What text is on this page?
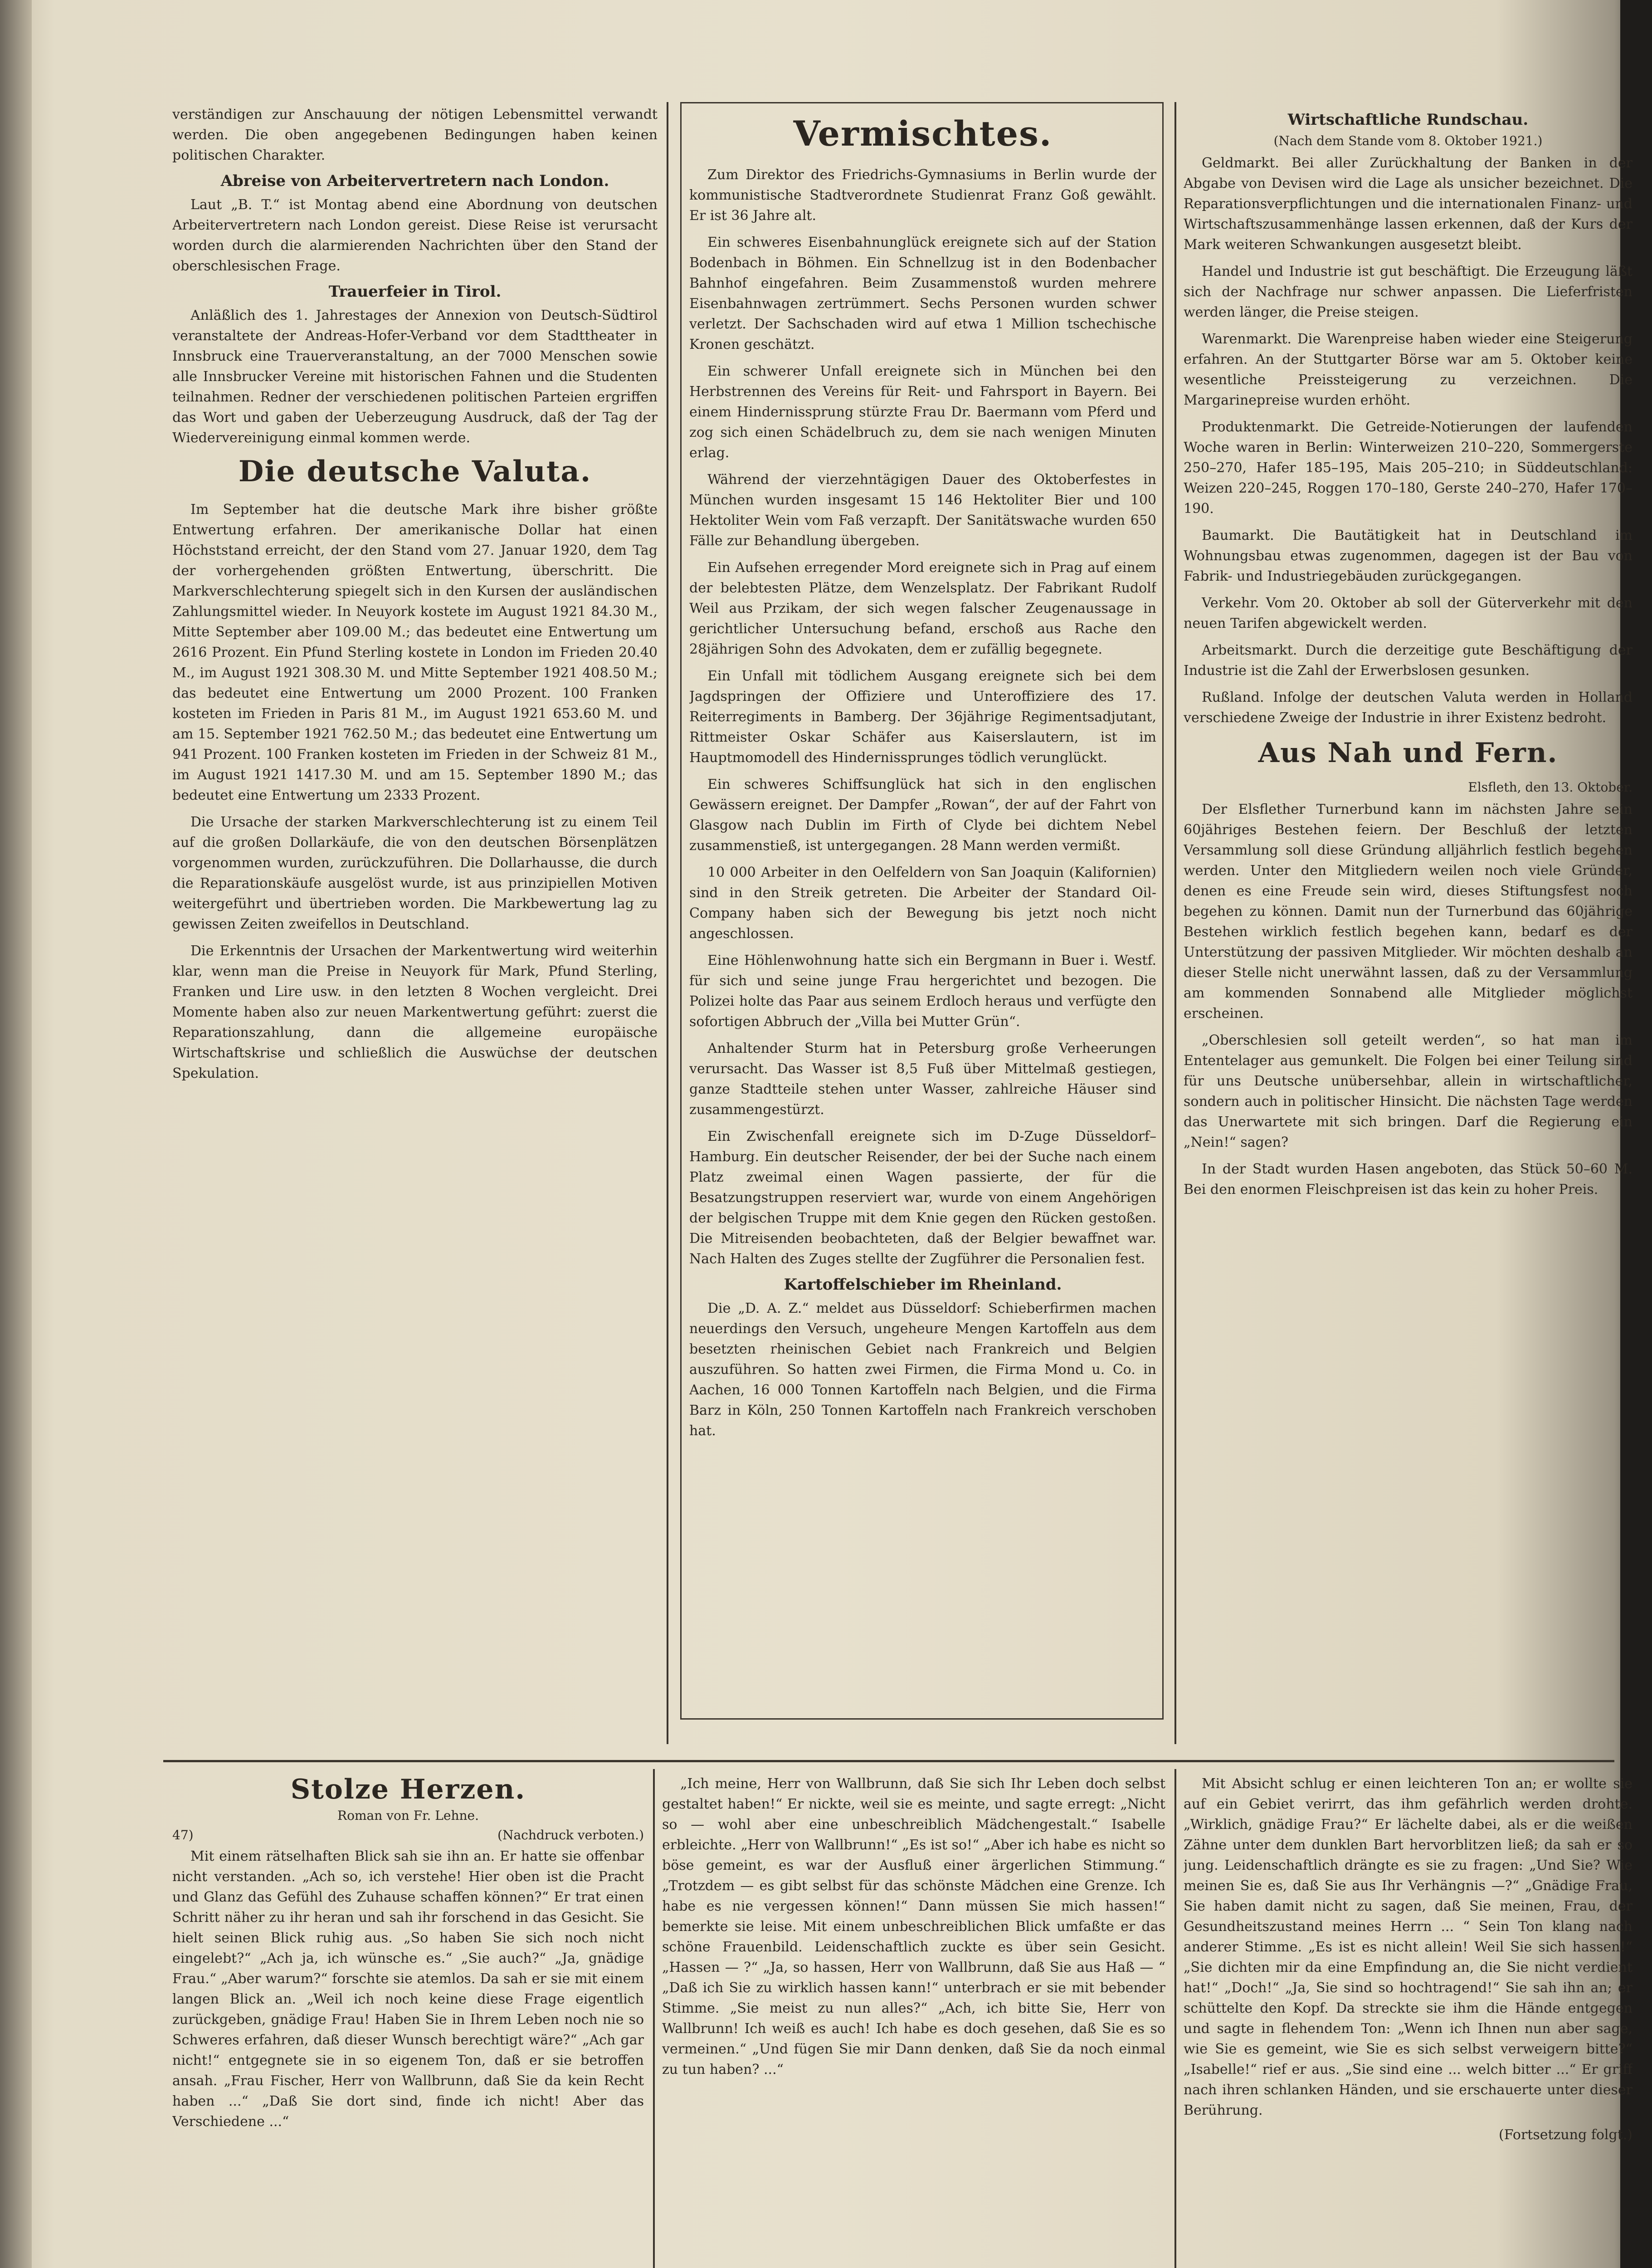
verständigen zur Anschauung der nötigen Lebensmittel verwandt werden. Die oben angegebenen Bedingungen haben keinen politischen Charakter.

Abreise von Arbeitervertretern nach London.

Laut „B. T.“ ist Montag abend eine Abordnung von deutschen Arbeitervertretern nach London gereist. Diese Reise ist verursacht worden durch die alarmierenden Nachrichten über den Stand der oberschlesischen Frage.

Trauerfeier in Tirol.

Anläßlich des 1. Jahrestages der Annexion von Deutsch-Südtirol veranstaltete der Andreas-Hofer-Verband vor dem Stadttheater in Innsbruck eine Trauerveranstaltung, an der 7000 Menschen sowie alle Innsbrucker Vereine mit historischen Fahnen und die Studenten teilnahmen. Redner der verschiedenen politischen Parteien ergriffen das Wort und gaben der Ueberzeugung Ausdruck, daß der Tag der Wiedervereinigung einmal kommen werde.

Die deutsche Valuta.

Im September hat die deutsche Mark ihre bisher größte Entwertung erfahren. Der amerikanische Dollar hat einen Höchststand erreicht, der den Stand vom 27. Januar 1920, dem Tag der vorhergehenden größten Entwertung, überschritt. Die Markverschlechterung spiegelt sich in den Kursen der ausländischen Zahlungsmittel wieder. In Neuyork kostete im August 1921 84.30 M., Mitte September aber 109.00 M.; das bedeutet eine Entwertung um 2616 Prozent. Ein Pfund Sterling kostete in London im Frieden 20.40 M., im August 1921 308.30 M. und Mitte September 1921 408.50 M.; das bedeutet eine Entwertung um 2000 Prozent. 100 Franken kosteten im Frieden in Paris 81 M., im August 1921 653.60 M. und am 15. September 1921 762.50 M.; das bedeutet eine Entwertung um 941 Prozent. 100 Franken kosteten im Frieden in der Schweiz 81 M., im August 1921 1417.30 M. und am 15. September 1890 M.; das bedeutet eine Entwertung um 2333 Prozent.

Die Ursache der starken Markverschlechterung ist zu einem Teil auf die großen Dollarkäufe, die von den deutschen Börsenplätzen vorgenommen wurden, zurückzuführen. Die Dollarhausse, die durch die Reparationskäufe ausgelöst wurde, ist aus prinzipiellen Motiven weitergeführt und übertrieben worden. Die Markbewertung lag zu gewissen Zeiten zweifellos in Deutschland.

Die Erkenntnis der Ursachen der Markentwertung wird weiterhin klar, wenn man die Preise in Neuyork für Mark, Pfund Sterling, Franken und Lire usw. in den letzten 8 Wochen vergleicht. Drei Momente haben also zur neuen Markentwertung geführt: zuerst die Reparationszahlung, dann die allgemeine europäische Wirtschaftskrise und schließlich die Auswüchse der deutschen Spekulation.

Vermischtes.

Zum Direktor des Friedrichs-Gymnasiums in Berlin wurde der kommunistische Stadtverordnete Studienrat Franz Goß gewählt. Er ist 36 Jahre alt.

Ein schweres Eisenbahnunglück ereignete sich auf der Station Bodenbach in Böhmen. Ein Schnellzug ist in den Bodenbacher Bahnhof eingefahren. Beim Zusammenstoß wurden mehrere Eisenbahnwagen zertrümmert. Sechs Personen wurden schwer verletzt. Der Sachschaden wird auf etwa 1 Million tschechische Kronen geschätzt.

Ein schwerer Unfall ereignete sich in München bei den Herbstrennen des Vereins für Reit- und Fahrsport in Bayern. Bei einem Hindernissprung stürzte Frau Dr. Baermann vom Pferd und zog sich einen Schädelbruch zu, dem sie nach wenigen Minuten erlag.

Während der vierzehntägigen Dauer des Oktoberfestes in München wurden insgesamt 15 146 Hektoliter Bier und 100 Hektoliter Wein vom Faß verzapft. Der Sanitätswache wurden 650 Fälle zur Behandlung übergeben.

Ein Aufsehen erregender Mord ereignete sich in Prag auf einem der belebtesten Plätze, dem Wenzelsplatz. Der Fabrikant Rudolf Weil aus Przikam, der sich wegen falscher Zeugenaussage in gerichtlicher Untersuchung befand, erschoß aus Rache den 28jährigen Sohn des Advokaten, dem er zufällig begegnete.

Ein Unfall mit tödlichem Ausgang ereignete sich bei dem Jagdspringen der Offiziere und Unteroffiziere des 17. Reiterregiments in Bamberg. Der 36jährige Regimentsadjutant, Rittmeister Oskar Schäfer aus Kaiserslautern, ist im Hauptmomodell des Hindernissprunges tödlich verunglückt.

Ein schweres Schiffsunglück hat sich in den englischen Gewässern ereignet. Der Dampfer „Rowan“, der auf der Fahrt von Glasgow nach Dublin im Firth of Clyde bei dichtem Nebel zusammenstieß, ist untergegangen. 28 Mann werden vermißt.

10 000 Arbeiter in den Oelfeldern von San Joaquin (Kalifornien) sind in den Streik getreten. Die Arbeiter der Standard Oil-Company haben sich der Bewegung bis jetzt noch nicht angeschlossen.

Eine Höhlenwohnung hatte sich ein Bergmann in Buer i. Westf. für sich und seine junge Frau hergerichtet und bezogen. Die Polizei holte das Paar aus seinem Erdloch heraus und verfügte den sofortigen Abbruch der „Villa bei Mutter Grün“.

Anhaltender Sturm hat in Petersburg große Verheerungen verursacht. Das Wasser ist 8,5 Fuß über Mittelmaß gestiegen, ganze Stadtteile stehen unter Wasser, zahlreiche Häuser sind zusammengestürzt.

Ein Zwischenfall ereignete sich im D-Zuge Düsseldorf–Hamburg. Ein deutscher Reisender, der bei der Suche nach einem Platz zweimal einen Wagen passierte, der für die Besatzungstruppen reserviert war, wurde von einem Angehörigen der belgischen Truppe mit dem Knie gegen den Rücken gestoßen. Die Mitreisenden beobachteten, daß der Belgier bewaffnet war. Nach Halten des Zuges stellte der Zugführer die Personalien fest.

Kartoffelschieber im Rheinland.

Die „D. A. Z.“ meldet aus Düsseldorf: Schieberfirmen machen neuerdings den Versuch, ungeheure Mengen Kartoffeln aus dem besetzten rheinischen Gebiet nach Frankreich und Belgien auszuführen. So hatten zwei Firmen, die Firma Mond u. Co. in Aachen, 16 000 Tonnen Kartoffeln nach Belgien, und die Firma Barz in Köln, 250 Tonnen Kartoffeln nach Frankreich verschoben hat.

Wirtschaftliche Rundschau.
(Nach dem Stande vom 8. Oktober 1921.)

Geldmarkt. Bei aller Zurückhaltung der Banken in der Abgabe von Devisen wird die Lage als unsicher bezeichnet. Die Reparationsverpflichtungen und die internationalen Finanz- und Wirtschaftszusammenhänge lassen erkennen, daß der Kurs der Mark weiteren Schwankungen ausgesetzt bleibt.

Handel und Industrie ist gut beschäftigt. Die Erzeugung läßt sich der Nachfrage nur schwer anpassen. Die Lieferfristen werden länger, die Preise steigen.

Warenmarkt. Die Warenpreise haben wieder eine Steigerung erfahren. An der Stuttgarter Börse war am 5. Oktober keine wesentliche Preissteigerung zu verzeichnen. Die Margarinepreise wurden erhöht.

Produktenmarkt. Die Getreide-Notierungen der laufenden Woche waren in Berlin: Winterweizen 210–220, Sommergerste 250–270, Hafer 185–195, Mais 205–210; in Süddeutschland: Weizen 220–245, Roggen 170–180, Gerste 240–270, Hafer 170–190.

Baumarkt. Die Bautätigkeit hat in Deutschland im Wohnungsbau etwas zugenommen, dagegen ist der Bau von Fabrik- und Industriegebäuden zurückgegangen.

Verkehr. Vom 20. Oktober ab soll der Güterverkehr mit den neuen Tarifen abgewickelt werden.

Arbeitsmarkt. Durch die derzeitige gute Beschäftigung der Industrie ist die Zahl der Erwerbslosen gesunken.

Rußland. Infolge der deutschen Valuta werden in Holland verschiedene Zweige der Industrie in ihrer Existenz bedroht.

Aus Nah und Fern.
Elsfleth, den 13. Oktober.

Der Elsflether Turnerbund kann im nächsten Jahre sein 60jähriges Bestehen feiern. Der Beschluß der letzten Versammlung soll diese Gründung alljährlich festlich begehen werden. Unter den Mitgliedern weilen noch viele Gründer, denen es eine Freude sein wird, dieses Stiftungsfest noch begehen zu können. Damit nun der Turnerbund das 60jährige Bestehen wirklich festlich begehen kann, bedarf es der Unterstützung der passiven Mitglieder. Wir möchten deshalb an dieser Stelle nicht unerwähnt lassen, daß zu der Versammlung am kommenden Sonnabend alle Mitglieder möglichst erscheinen.

„Oberschlesien soll geteilt werden“, so hat man im Ententelager aus gemunkelt. Die Folgen bei einer Teilung sind für uns Deutsche unübersehbar, allein in wirtschaftlicher, sondern auch in politischer Hinsicht. Die nächsten Tage werden das Unerwartete mit sich bringen. Darf die Regierung ein „Nein!“ sagen?

In der Stadt wurden Hasen angeboten, das Stück 50–60 M. Bei den enormen Fleischpreisen ist das kein zu hoher Preis.

Stolze Herzen.
Roman von Fr. Lehne.
47)	(Nachdruck verboten.)

Mit einem rätselhaften Blick sah sie ihn an. Er hatte sie offenbar nicht verstanden. „Ach so, ich verstehe! Hier oben ist die Pracht und Glanz das Gefühl des Zuhause schaffen können?“ Er trat einen Schritt näher zu ihr heran und sah ihr forschend in das Gesicht. Sie hielt seinen Blick ruhig aus. „So haben Sie sich noch nicht eingelebt?“ „Ach ja, ich wünsche es.“ „Sie auch?“ „Ja, gnädige Frau.“ „Aber warum?“ forschte sie atemlos. Da sah er sie mit einem langen Blick an. „Weil ich noch keine diese Frage eigentlich zurückgeben, gnädige Frau! Haben Sie in Ihrem Leben noch nie so Schweres erfahren, daß dieser Wunsch berechtigt wäre?“ „Ach gar nicht!“ entgegnete sie in so eigenem Ton, daß er sie betroffen ansah. „Frau Fischer, Herr von Wallbrunn, daß Sie da kein Recht haben ...“ „Daß Sie dort sind, finde ich nicht! Aber das Verschiedene ...“

„Ich meine, Herr von Wallbrunn, daß Sie sich Ihr Leben doch selbst gestaltet haben!“ Er nickte, weil sie es meinte, und sagte erregt: „Nicht so — wohl aber eine unbeschreiblich Mädchengestalt.“ Isabelle erbleichte. „Herr von Wallbrunn!“ „Es ist so!“ „Aber ich habe es nicht so böse gemeint, es war der Ausfluß einer ärgerlichen Stimmung.“ „Trotzdem — es gibt selbst für das schönste Mädchen eine Grenze. Ich habe es nie vergessen können!“ Dann müssen Sie mich hassen!“ bemerkte sie leise. Mit einem unbeschreiblichen Blick umfaßte er das schöne Frauenbild. Leidenschaftlich zuckte es über sein Gesicht. „Hassen — ?“ „Ja, so hassen, Herr von Wallbrunn, daß Sie aus Haß — “ „Daß ich Sie zu wirklich hassen kann!“ unterbrach er sie mit bebender Stimme. „Sie meist zu nun alles?“ „Ach, ich bitte Sie, Herr von Wallbrunn! Ich weiß es auch! Ich habe es doch gesehen, daß Sie es so vermeinen.“ „Und fügen Sie mir Dann denken, daß Sie da noch einmal zu tun haben? ...“

Mit Absicht schlug er einen leichteren Ton an; er wollte sie auf ein Gebiet verirrt, das ihm gefährlich werden drohte. „Wirklich, gnädige Frau?“ Er lächelte dabei, als er die weißen Zähne unter dem dunklen Bart hervorblitzen ließ; da sah er so jung. Leidenschaftlich drängte es sie zu fragen: „Und Sie? Wie meinen Sie es, daß Sie aus Ihr Verhängnis —?“ „Gnädige Frau, Sie haben damit nicht zu sagen, daß Sie meinen, Frau, der Gesundheitszustand meines Herrn ... “ Sein Ton klang nach anderer Stimme. „Es ist es nicht allein! Weil Sie sich hassen!“ „Sie dichten mir da eine Empfindung an, die Sie nicht verdient hat!“ „Doch!“ „Ja, Sie sind so hochtragend!“ Sie sah ihn an; er schüttelte den Kopf. Da streckte sie ihm die Hände entgegen und sagte in flehendem Ton: „Wenn ich Ihnen nun aber sage, wie Sie es gemeint, wie Sie es sich selbst verweigern bitte?“ „Isabelle!“ rief er aus. „Sie sind eine ... welch bitter ...“ Er griff nach ihren schlanken Händen, und sie erschauerte unter dieser Berührung.

(Fortsetzung folgt.)
